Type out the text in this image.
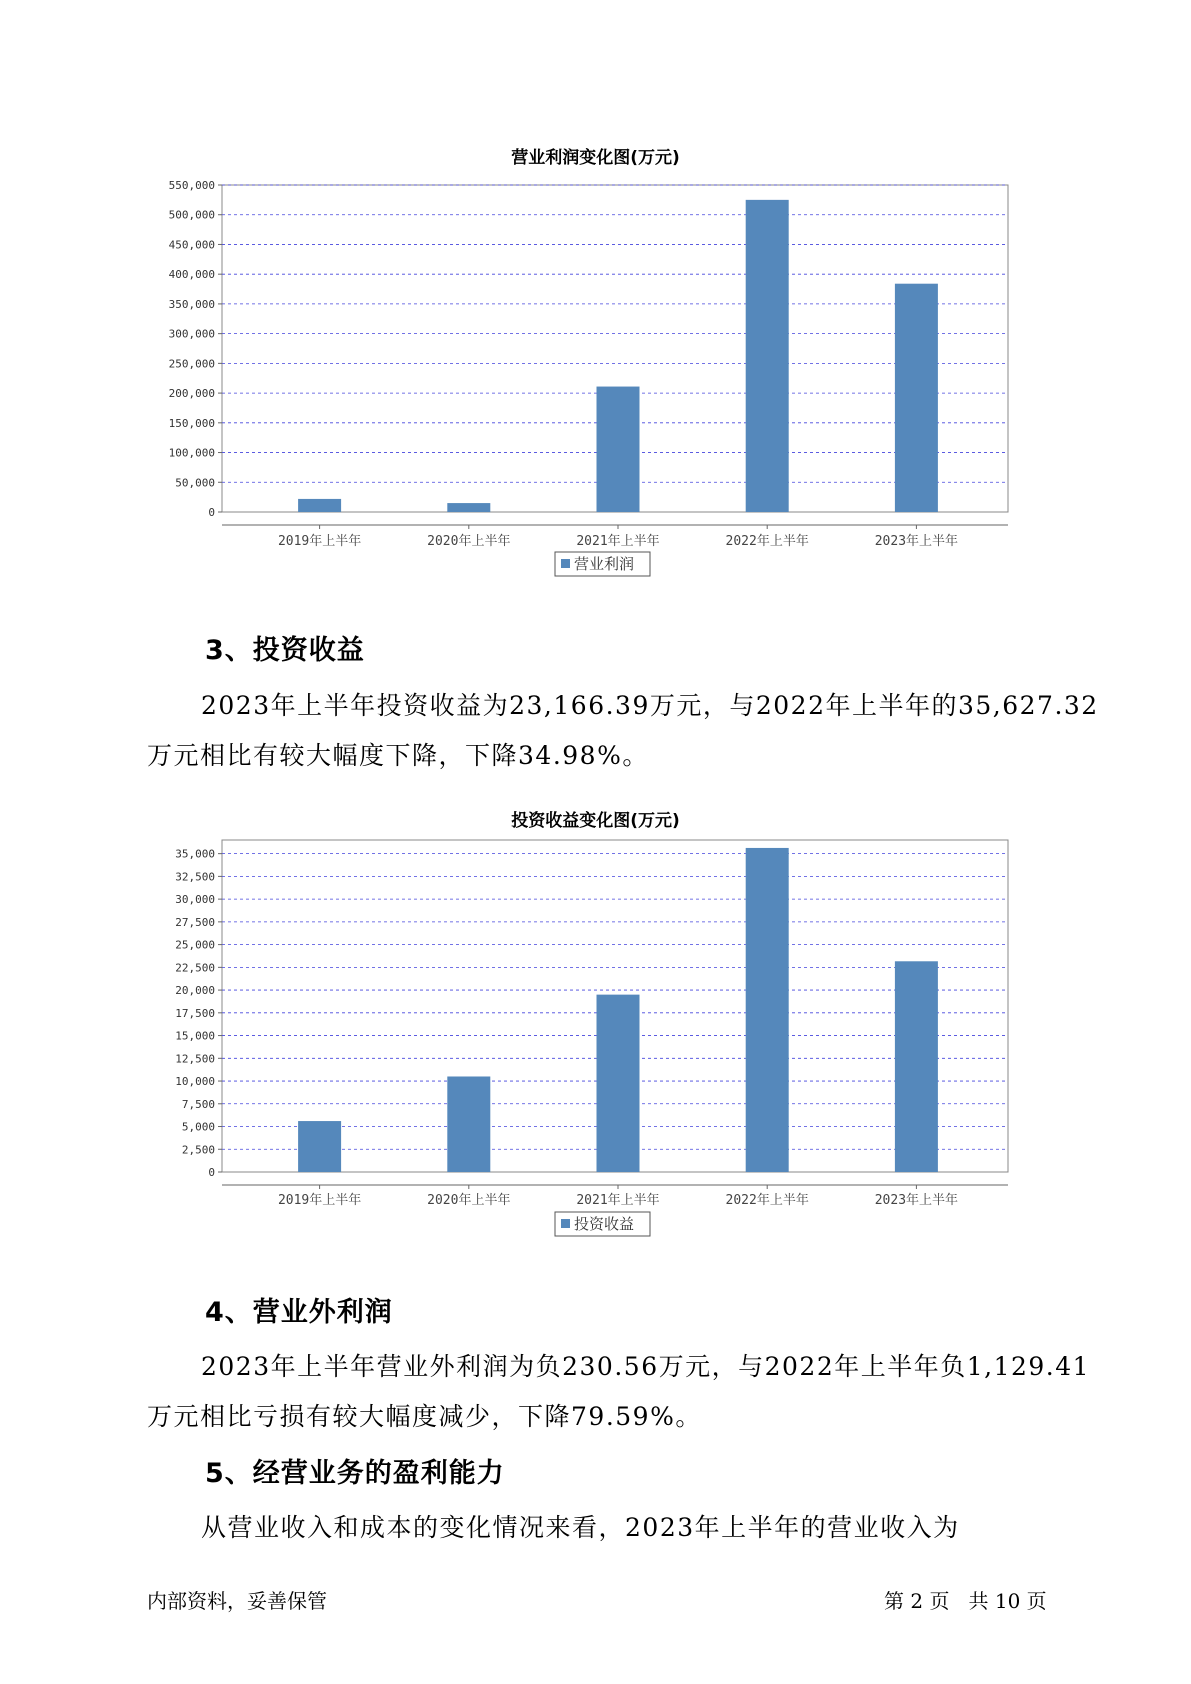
营业利润变化图(万元)
0
50,000
100,000
150,000
200,000
250,000
300,000
350,000
400,000
450,000
500,000
550,000
2019年上半年	2020年上半年	2021年上半年	2022年上半年	2023年上半年
营业利润
3、投资收益

2023年上半年投资收益为23,166.39万元，与2022年上半年的35,627.32
万元相比有较大幅度下降，下降34.98%。

投资收益变化图(万元)
0
2,500
5,000
7,500
10,000
12,500
15,000
17,500
20,000
22,500
25,000
27,500
30,000
32,500
35,000
2019年上半年	2020年上半年	2021年上半年	2022年上半年	2023年上半年
投资收益
4、营业外利润

2023年上半年营业外利润为负230.56万元，与2022年上半年负1,129.41
万元相比亏损有较大幅度减少，下降79.59%。

5、经营业务的盈利能力

从营业收入和成本的变化情况来看，2023年上半年的营业收入为

内部资料，妥善保管	第 2 页   共 10 页
